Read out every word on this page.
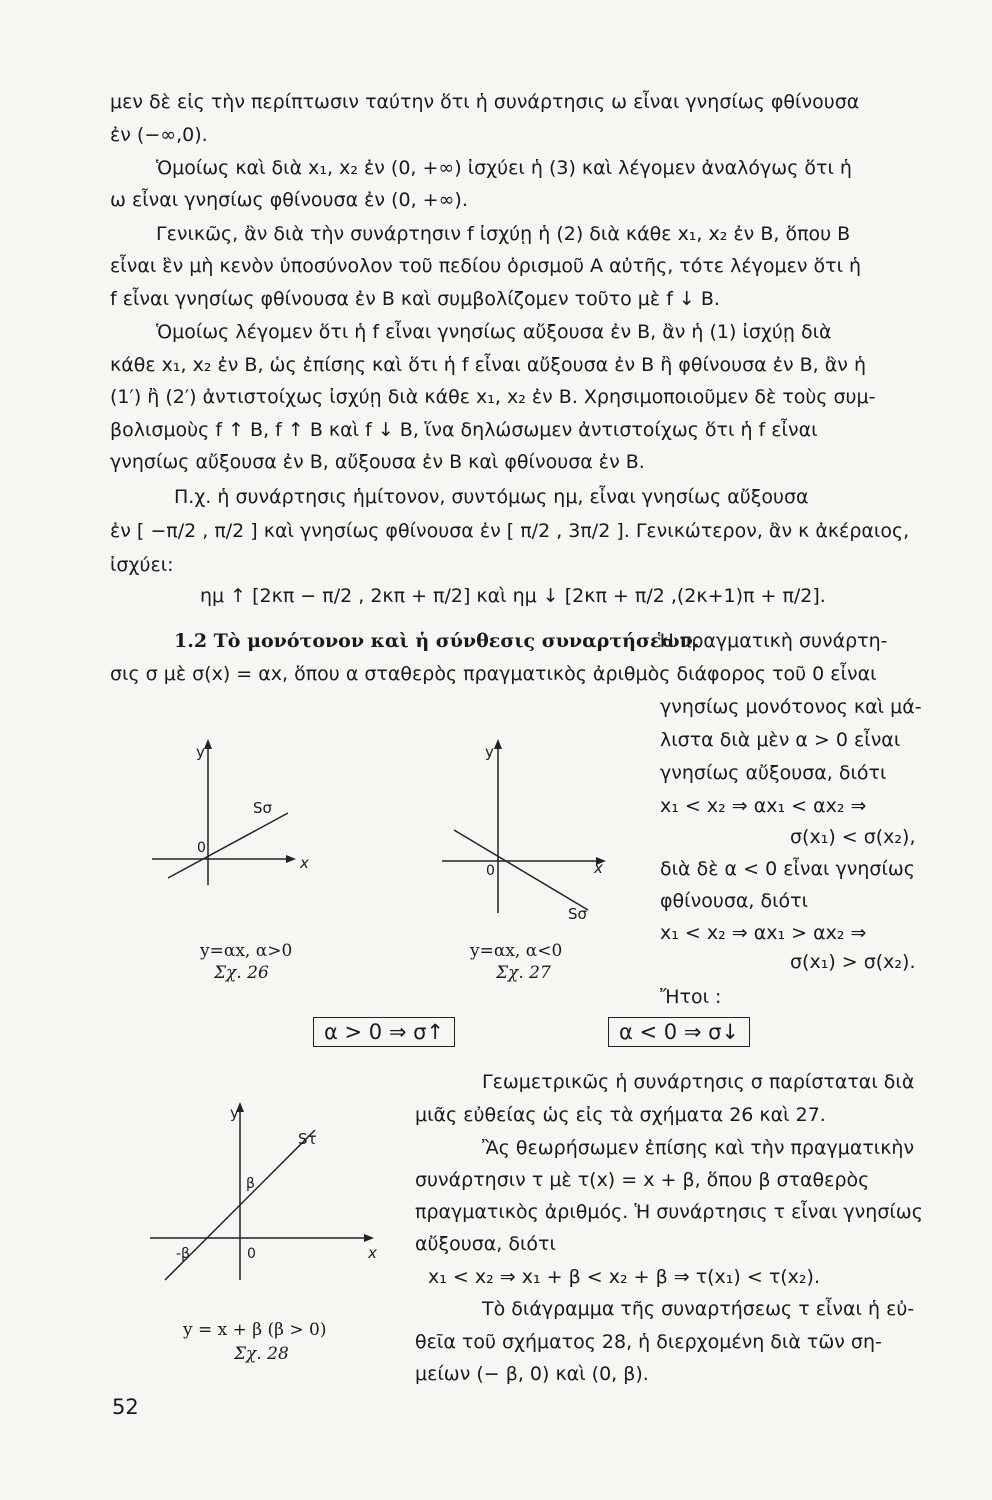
μεν δὲ εἰς τὴν περίπτωσιν ταύτην ὅτι ἡ συνάρτησις ω εἶναι γνησίως φθίνουσα
ἐν (−∞,0).
Ὁμοίως καὶ διὰ x₁, x₂ ἐν (0, +∞) ἰσχύει ἡ (3) καὶ λέγομεν ἀναλόγως ὅτι ἡ
ω εἶναι γνησίως φθίνουσα ἐν (0, +∞).
Γενικῶς, ἂν διὰ τὴν συνάρτησιν f ἰσχύῃ ἡ (2) διὰ κάθε x₁, x₂ ἐν B, ὅπου B
εἶναι ἓν μὴ κενὸν ὑποσύνολον τοῦ πεδίου ὁρισμοῦ A αὐτῆς, τότε λέγομεν ὅτι ἡ
f εἶναι γνησίως φθίνουσα ἐν B καὶ συμβολίζομεν τοῦτο μὲ f ↓ B.
Ὁμοίως λέγομεν ὅτι ἡ f εἶναι γνησίως αὔξουσα ἐν B, ἂν ἡ (1) ἰσχύῃ διὰ
κάθε x₁, x₂ ἐν B, ὡς ἐπίσης καὶ ὅτι ἡ f εἶναι αὔξουσα ἐν B ἢ φθίνουσα ἐν B, ἂν ἡ
(1′) ἢ (2′) ἀντιστοίχως ἰσχύῃ διὰ κάθε x₁, x₂ ἐν B. Χρησιμοποιοῦμεν δὲ τοὺς συμ-
βολισμοὺς f ↑ B, f ↑ B καὶ f ↓ B, ἵνα δηλώσωμεν ἀντιστοίχως ὅτι ἡ f εἶναι
γνησίως αὔξουσα ἐν B, αὔξουσα ἐν B καὶ φθίνουσα ἐν B.
Π.χ. ἡ συνάρτησις ἡμίτονον, συντόμως ημ, εἶναι γνησίως αὔξουσα
ἐν [ −π/2 , π/2 ] καὶ γνησίως φθίνουσα ἐν [ π/2 , 3π/2 ]. Γενικώτερον, ἂν κ ἀκέραιος,
ἰσχύει:
ημ ↑ [2κπ − π/2 , 2κπ + π/2] καὶ ημ ↓ [2κπ + π/2 ,(2κ+1)π + π/2].
1.2 Τὸ μονότονον καὶ ἡ σύνθεσις συναρτήσεων.
Ἡ πραγματικὴ συνάρτη-
σις σ μὲ σ(x) = αx, ὅπου α σταθερὸς πραγματικὸς ἀριθμὸς διάφορος τοῦ 0 εἶναι
γνησίως μονότονος καὶ μά-
λιστα διὰ μὲν α > 0 εἶναι
γνησίως αὔξουσα, διότι
x₁ < x₂ ⇒ αx₁ < αx₂ ⇒
σ(x₁) < σ(x₂),
διὰ δὲ α < 0 εἶναι γνησίως
φθίνουσα, διότι
x₁ < x₂ ⇒ αx₁ > αx₂ ⇒
σ(x₁) > σ(x₂).
Ἤτοι :
y
x
0
Sσ
y=αx, α>0
Σχ. 26
y
x
0
Sσ
y=αx, α<0
Σχ. 27
α > 0 ⇒ σ↑	α < 0 ⇒ σ↓
y
x
0
-β
β
Sτ
y = x + β (β > 0)
Σχ. 28
Γεωμετρικῶς ἡ συνάρτησις σ παρίσταται διὰ
μιᾶς εὐθείας ὡς εἰς τὰ σχήματα 26 καὶ 27.
Ἂς θεωρήσωμεν ἐπίσης καὶ τὴν πραγματικὴν
συνάρτησιν τ μὲ τ(x) = x + β, ὅπου β σταθερὸς
πραγματικὸς ἀριθμός. Ἡ συνάρτησις τ εἶναι γνησίως
αὔξουσα, διότι
x₁ < x₂ ⇒ x₁ + β < x₂ + β ⇒ τ(x₁) < τ(x₂).
Τὸ διάγραμμα τῆς συναρτήσεως τ εἶναι ἡ εὐ-
θεῖα τοῦ σχήματος 28, ἡ διερχομένη διὰ τῶν ση-
μείων (− β, 0) καὶ (0, β).
52
